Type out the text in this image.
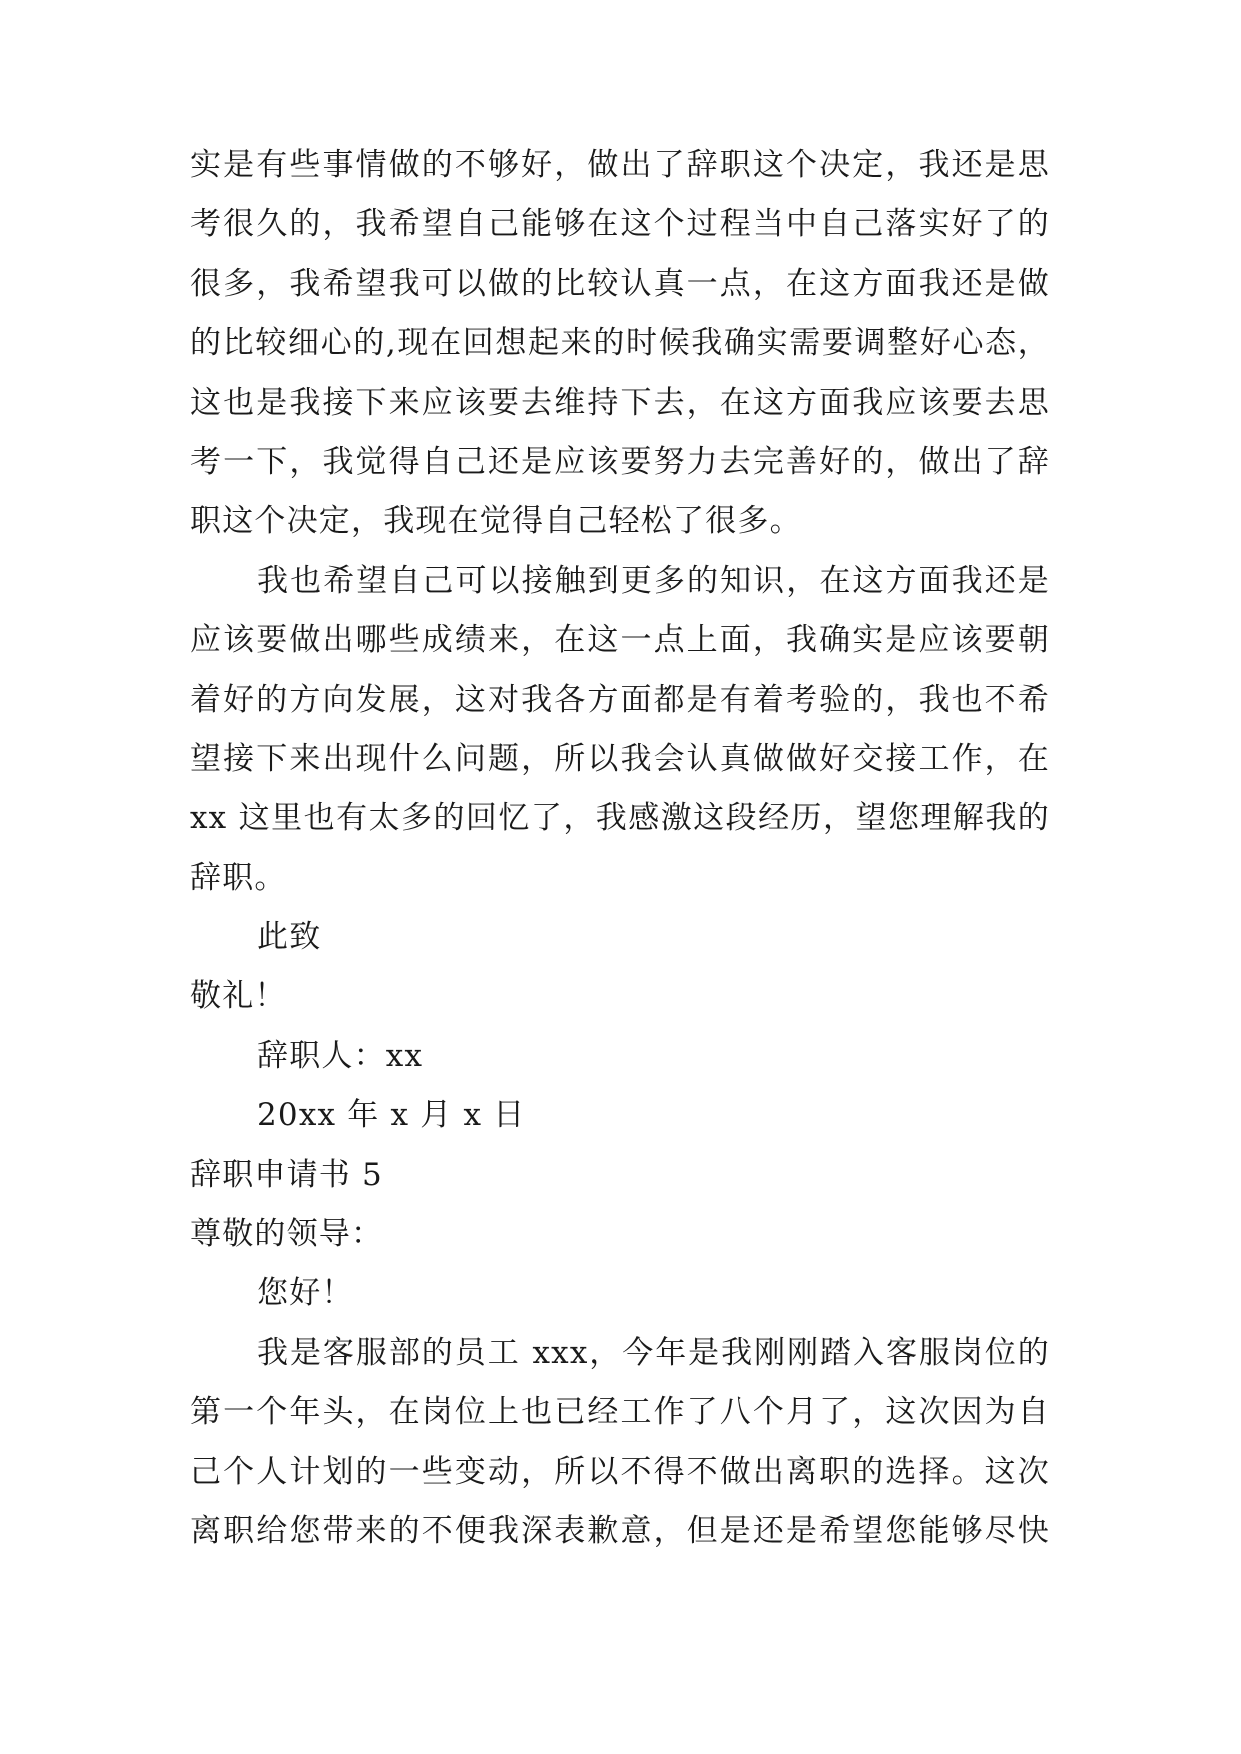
实是有些事情做的不够好，做出了辞职这个决定，我还是思
考很久的，我希望自己能够在这个过程当中自己落实好了的
很多，我希望我可以做的比较认真一点，在这方面我还是做
的比较细心的,现在回想起来的时候我确实需要调整好心态，
这也是我接下来应该要去维持下去，在这方面我应该要去思
考一下，我觉得自己还是应该要努力去完善好的，做出了辞
职这个决定，我现在觉得自己轻松了很多。
我也希望自己可以接触到更多的知识，在这方面我还是
应该要做出哪些成绩来，在这一点上面，我确实是应该要朝
着好的方向发展，这对我各方面都是有着考验的，我也不希
望接下来出现什么问题，所以我会认真做做好交接工作，在
xx 这里也有太多的回忆了，我感激这段经历，望您理解我的
辞职。
此致
敬礼！
辞职人：xx
20xx 年 x 月 x 日
辞职申请书 5
尊敬的领导：
您好！
我是客服部的员工 xxx，今年是我刚刚踏入客服岗位的
第一个年头，在岗位上也已经工作了八个月了，这次因为自
己个人计划的一些变动，所以不得不做出离职的选择。这次
离职给您带来的不便我深表歉意，但是还是希望您能够尽快
